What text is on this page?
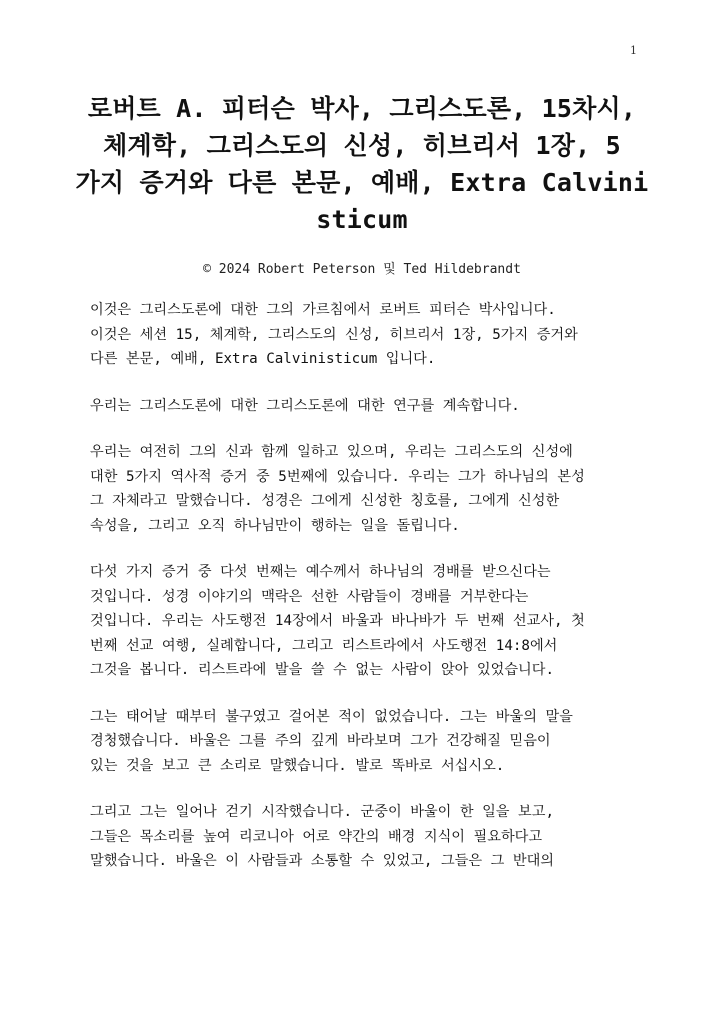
1
로버트 A. 피터슨 박사, 그리스도론, 15차시,
체계학, 그리스도의 신성, 히브리서 1장, 5
가지 증거와 다른 본문, 예배, Extra Calvini
sticum
© 2024 Robert Peterson 및 Ted Hildebrandt

이것은 그리스도론에 대한 그의 가르침에서 로버트 피터슨 박사입니다.
이것은 세션 15, 체계학, 그리스도의 신성, 히브리서 1장, 5가지 증거와
다른 본문, 예배, Extra Calvinisticum 입니다.

우리는 그리스도론에 대한 그리스도론에 대한 연구를 계속합니다.

우리는 여전히 그의 신과 함께 일하고 있으며, 우리는 그리스도의 신성에
대한 5가지 역사적 증거 중 5번째에 있습니다. 우리는 그가 하나님의 본성
그 자체라고 말했습니다. 성경은 그에게 신성한 칭호를, 그에게 신성한
속성을, 그리고 오직 하나님만이 행하는 일을 돌립니다.

다섯 가지 증거 중 다섯 번째는 예수께서 하나님의 경배를 받으신다는
것입니다. 성경 이야기의 맥락은 선한 사람들이 경배를 거부한다는
것입니다. 우리는 사도행전 14장에서 바울과 바나바가 두 번째 선교사, 첫
번째 선교 여행, 실례합니다, 그리고 리스트라에서 사도행전 14:8에서
그것을 봅니다. 리스트라에 발을 쓸 수 없는 사람이 앉아 있었습니다.

그는 태어날 때부터 불구였고 걸어본 적이 없었습니다. 그는 바울의 말을
경청했습니다. 바울은 그를 주의 깊게 바라보며 그가 건강해질 믿음이
있는 것을 보고 큰 소리로 말했습니다. 발로 똑바로 서십시오.

그리고 그는 일어나 걷기 시작했습니다. 군중이 바울이 한 일을 보고,
그들은 목소리를 높여 리코니아 어로 약간의 배경 지식이 필요하다고
말했습니다. 바울은 이 사람들과 소통할 수 있었고, 그들은 그 반대의
